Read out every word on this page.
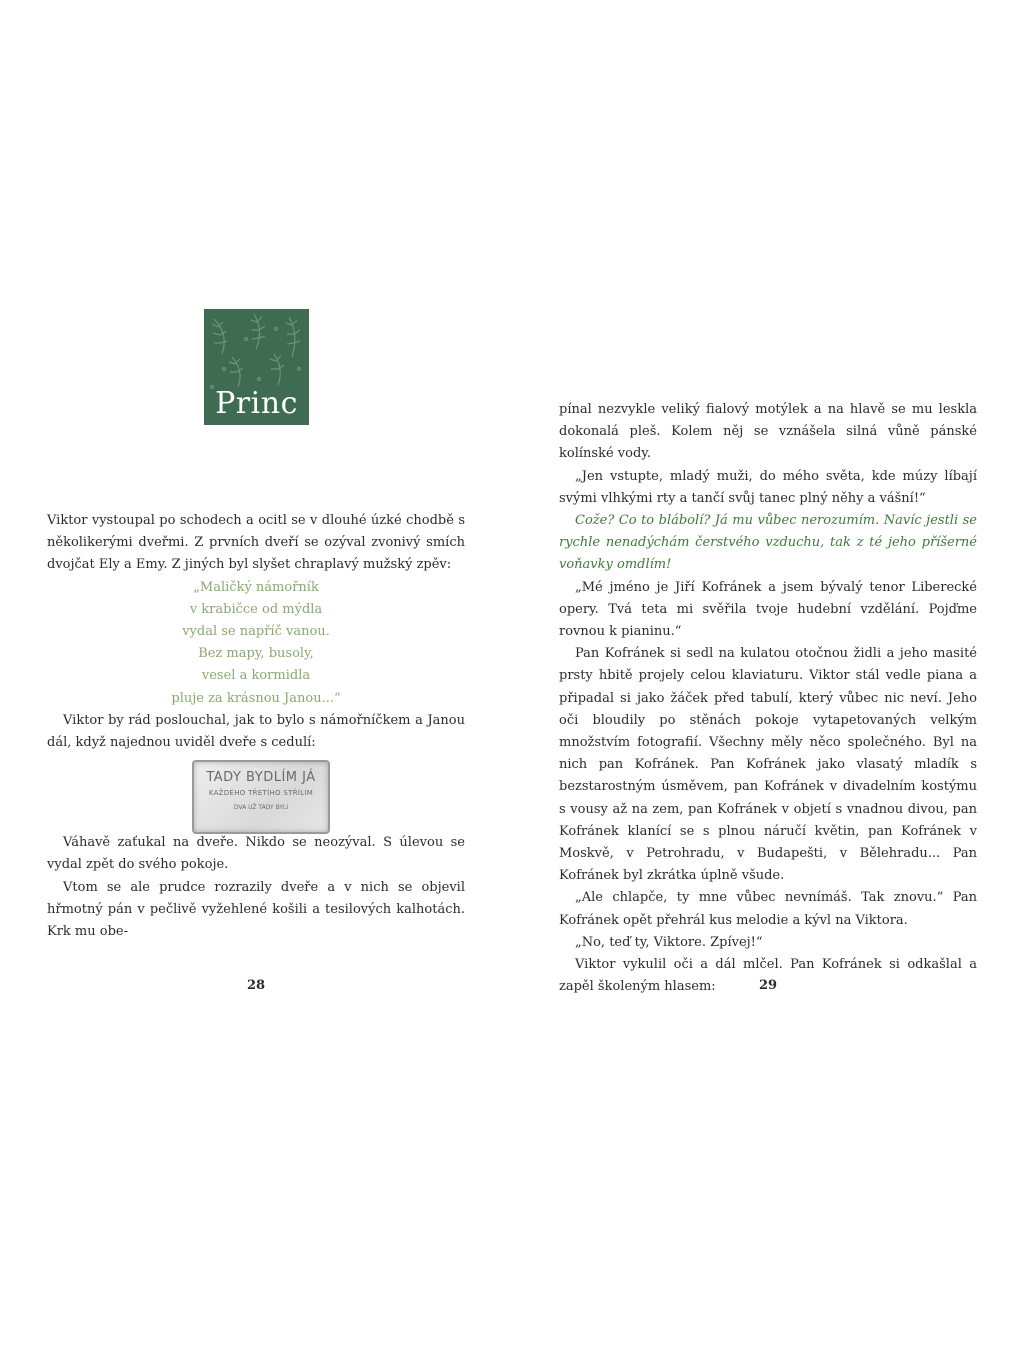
Princ

Viktor vystoupal po schodech a ocitl se v dlouhé úzké chodbě s několikerými dveřmi. Z prvních dveří se ozýval zvonivý smích dvojčat Ely a Emy. Z jiných byl slyšet chraplavý mužský zpěv:

„Maličký námořník
v krabičce od mýdla
vydal se napříč vanou.
Bez mapy, busoly,
vesel a kormidla
pluje za krásnou Janou...“

Viktor by rád poslouchal, jak to bylo s námořníčkem a Janou dál, když najednou uviděl dveře s cedulí:

TADY BYDLÍM JÁ
KAŽDÉHO TŘETÍHO STŘÍLÍM
DVA UŽ TADY BYLI

Váhavě zaťukal na dveře. Nikdo se neozýval. S úlevou se vydal zpět do svého pokoje.

Vtom se ale prudce rozrazily dveře a v nich se objevil hřmotný pán v pečlivě vyžehlené košili a tesilových kalhotách. Krk mu obe-

28

pínal nezvykle veliký fialový motýlek a na hlavě se mu leskla dokonalá pleš. Kolem něj se vznášela silná vůně pánské kolínské vody.

„Jen vstupte, mladý muži, do mého světa, kde múzy líbají svými vlhkými rty a tančí svůj tanec plný něhy a vášní!“

Cože? Co to blábolí? Já mu vůbec nerozumím. Navíc jestli se rychle nenadýchám čerstvého vzduchu, tak z té jeho příšerné voňavky omdlím!

„Mé jméno je Jiří Kofránek a jsem bývalý tenor Liberecké opery. Tvá teta mi svěřila tvoje hudební vzdělání. Pojďme rovnou k pianinu.“

Pan Kofránek si sedl na kulatou otočnou židli a jeho masité prsty hbitě projely celou klaviaturu. Viktor stál vedle piana a připadal si jako žáček před tabulí, který vůbec nic neví. Jeho oči bloudily po stěnách pokoje vytapetovaných velkým množstvím fotografií. Všechny měly něco společného. Byl na nich pan Kofránek. Pan Kofránek jako vlasatý mladík s bezstarostným úsměvem, pan Kofránek v divadelním kostýmu s vousy až na zem, pan Kofránek v objetí s vnadnou divou, pan Kofránek klanící se s plnou náručí květin, pan Kofránek v Moskvě, v Petrohradu, v Budapešti, v Bělehradu... Pan Kofránek byl zkrátka úplně všude.

„Ale chlapče, ty mne vůbec nevnímáš. Tak znovu.“ Pan Kofránek opět přehrál kus melodie a kývl na Viktora.

„No, teď ty, Viktore. Zpívej!“

Viktor vykulil oči a dál mlčel. Pan Kofránek si odkašlal a zapěl školeným hlasem:	29
